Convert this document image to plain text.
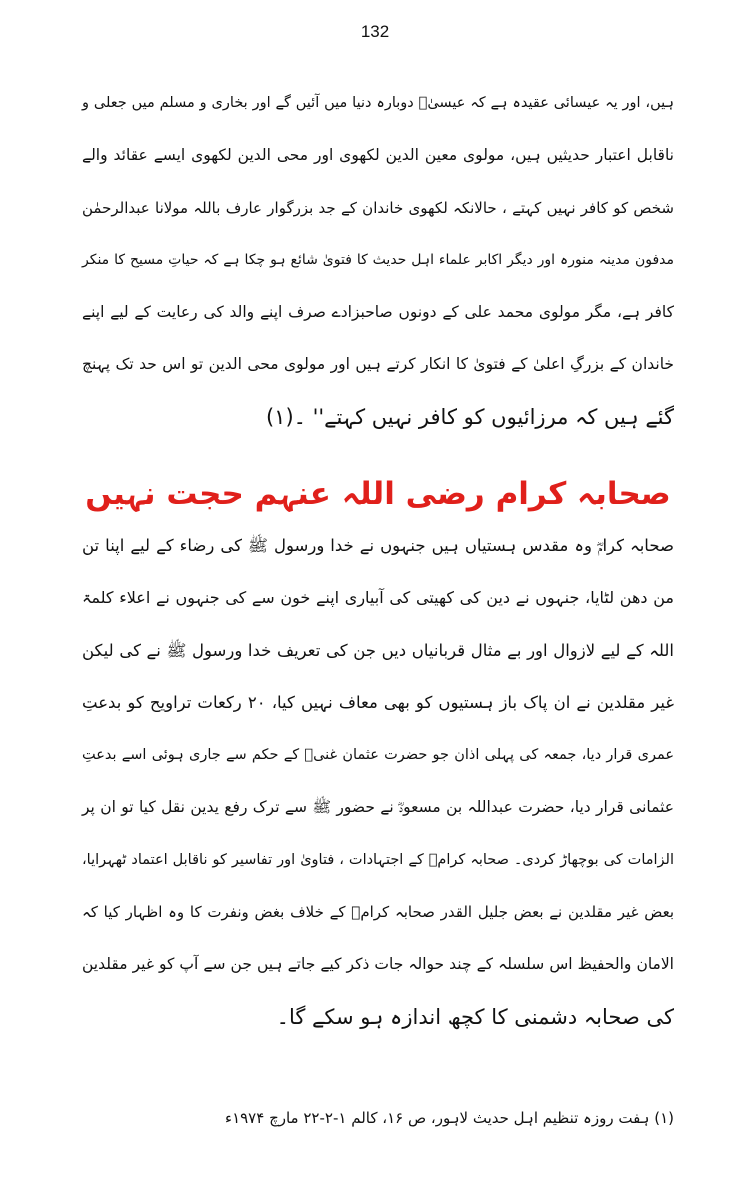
132
ہیں، اور یہ عیسائی عقیدہ ہے کہ عیسیٰؑ دوبارہ دنیا میں آئیں گے اور بخاری و مسلم میں جعلی و
ناقابل اعتبار حدیثیں ہیں، مولوی معین الدین لکھوی اور محی الدین لکھوی ایسے عقائد والے
شخص کو کافر نہیں کہتے ، حالانکہ لکھوی خاندان کے جد بزرگوار عارف باللہ مولانا عبدالرحمٰن
مدفون مدینہ منورہ اور دیگر اکابر علماء اہل حدیث کا فتویٰ شائع ہو چکا ہے کہ حیاتِ مسیح کا منکر
کافر ہے، مگر مولوی محمد علی کے دونوں صاحبزادے صرف اپنے والد کی رعایت کے لیے اپنے
خاندان کے بزرگِ اعلیٰ کے فتویٰ کا انکار کرتے ہیں اور مولوی محی الدین تو اس حد تک پہنچ
گئے ہیں کہ مرزائیوں کو کافر نہیں کہتے'' ۔(۱)
صحابہ کرام رضی اللہ عنہم حجت نہیں
صحابہ کرامؓ وہ مقدس ہستیاں ہیں جنہوں نے خدا ورسول ﷺ کی رضاء کے لیے اپنا تن
من دھن لٹایا، جنہوں نے دین کی کھیتی کی آبیاری اپنے خون سے کی جنہوں نے اعلاء کلمۃ
اللہ کے لیے لازوال اور بے مثال قربانیاں دیں جن کی تعریف خدا ورسول ﷺ نے کی لیکن
غیر مقلدین نے ان پاک باز ہستیوں کو بھی معاف نہیں کیا، ۲۰ رکعات تراویح کو بدعتِ
عمری قرار دیا، جمعہ کی پہلی اذان جو حضرت عثمان غنیؓ کے حکم سے جاری ہوئی اسے بدعتِ
عثمانی قرار دیا، حضرت عبداللہ بن مسعودؓ نے حضور ﷺ سے ترک رفع یدین نقل کیا تو ان پر
الزامات کی بوچھاڑ کردی۔ صحابہ کرامؓ کے اجتہادات ، فتاویٰ اور تفاسیر کو ناقابل اعتماد ٹھہرایا،
بعض غیر مقلدین نے بعض جلیل القدر صحابہ کرامؓ کے خلاف بغض ونفرت کا وہ اظہار کیا کہ
الامان والحفیظ اس سلسلہ کے چند حوالہ جات ذکر کیے جاتے ہیں جن سے آپ کو غیر مقلدین
کی صحابہ دشمنی کا کچھ اندازہ ہو سکے گا۔
(۱) ہفت روزہ تنظیم اہل حدیث لاہور، ص ۱۶، کالم ۱-۲-۲۲ مارچ ۱۹۷۴ء
